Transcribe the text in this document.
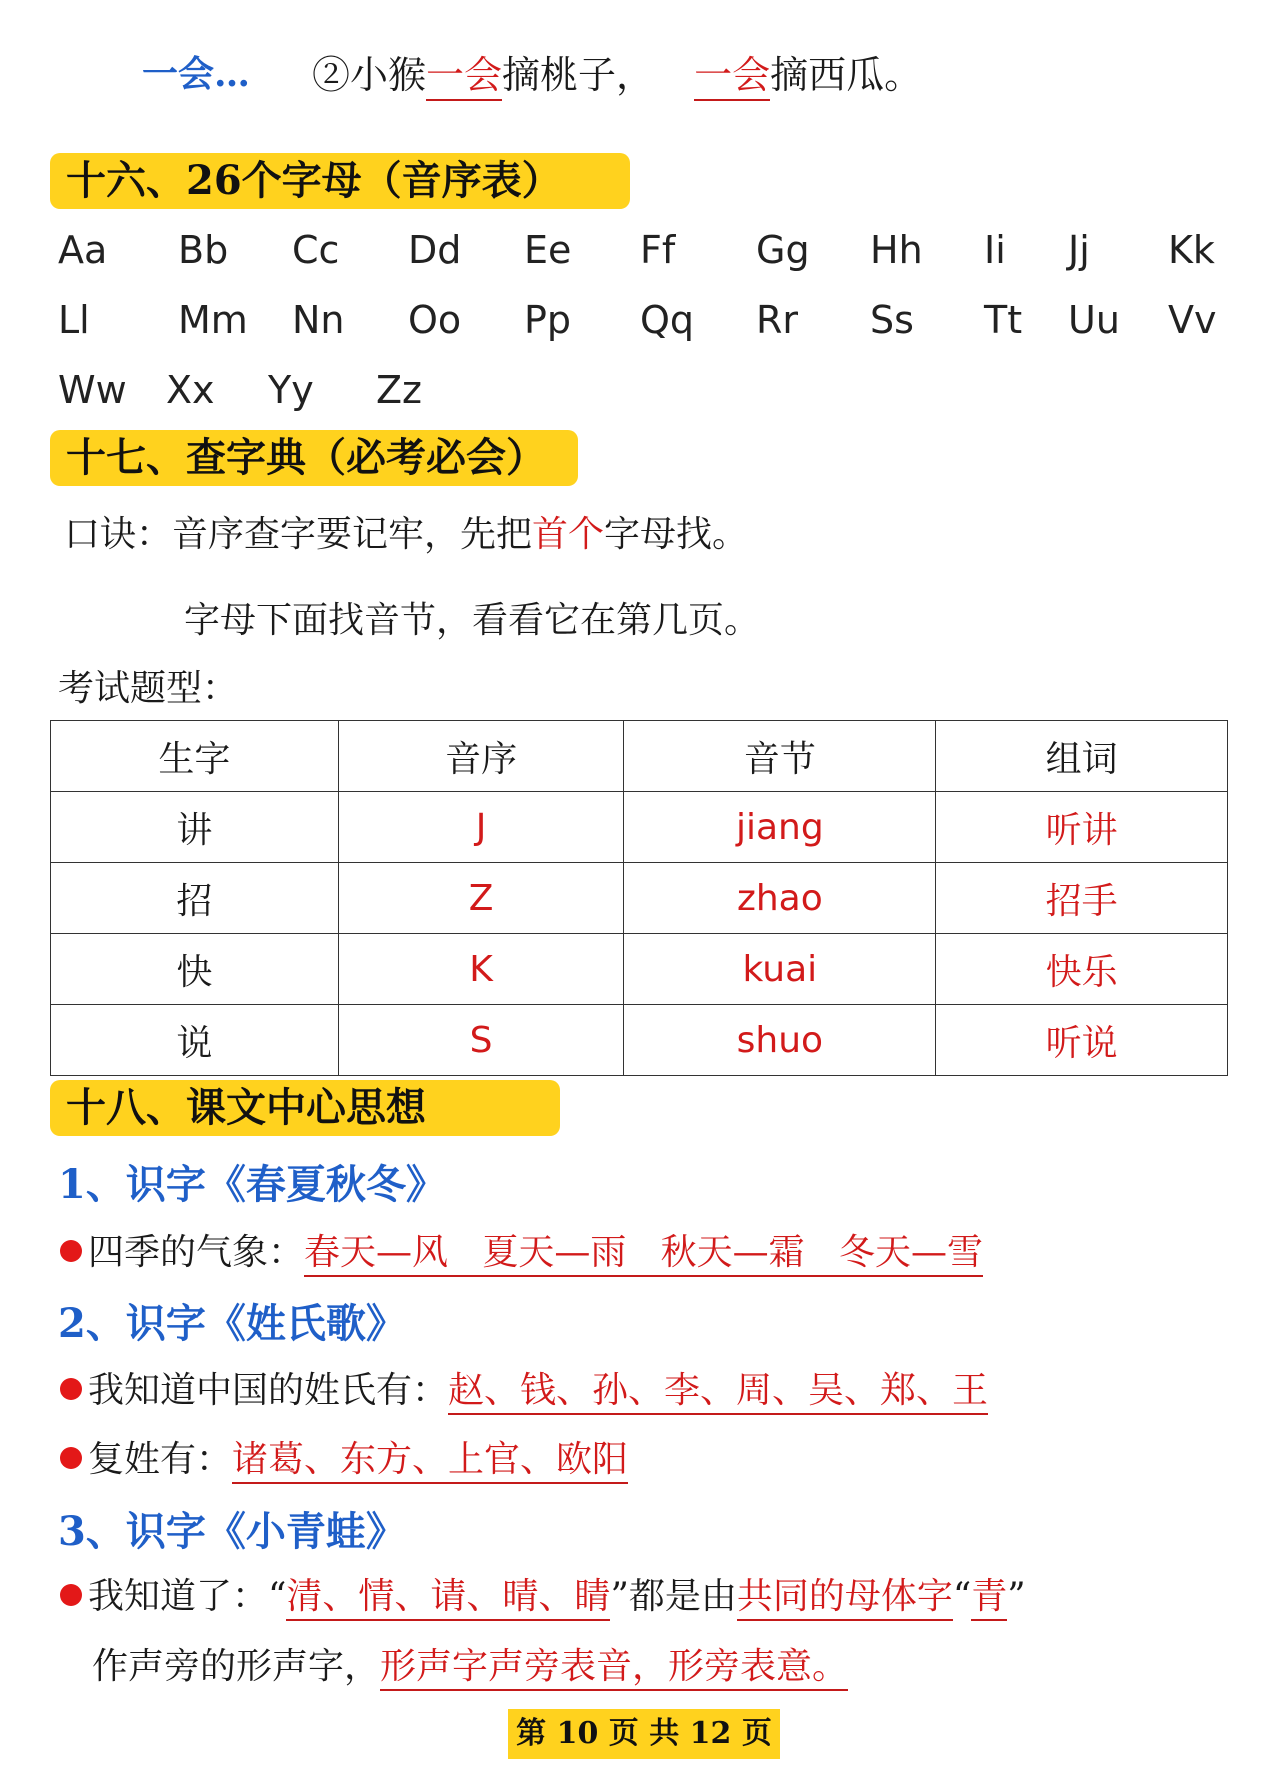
一会… ②小猴一会摘桃子， 一会摘西瓜。
十六、26个字母（音序表）
Aa Bb Cc Dd Ee Ff Gg Hh Ii Jj Kk
Ll Mm Nn Oo Pp Qq Rr Ss Tt Uu Vv
Ww Xx Yy Zz
十七、查字典（必考必会）
口诀：音序查字要记牢，先把首个字母找。
字母下面找音节，看看它在第几页。
考试题型：
生字	音序	音节	组词
讲	J	jiang	听讲
招	Z	zhao	招手
快	K	kuai	快乐
说	S	shuo	听说
十八、课文中心思想
1、识字《春夏秋冬》
四季的气象：春天—风   夏天—雨   秋天—霜   冬天—雪
2、识字《姓氏歌》
我知道中国的姓氏有：赵、钱、孙、李、周、吴、郑、王
复姓有：诸葛、东方、上官、欧阳
3、识字《小青蛙》
我知道了：“清、情、请、晴、睛”都是由共同的母体字“青”
作声旁的形声字，形声字声旁表音，形旁表意。
第 10 页 共 12 页
